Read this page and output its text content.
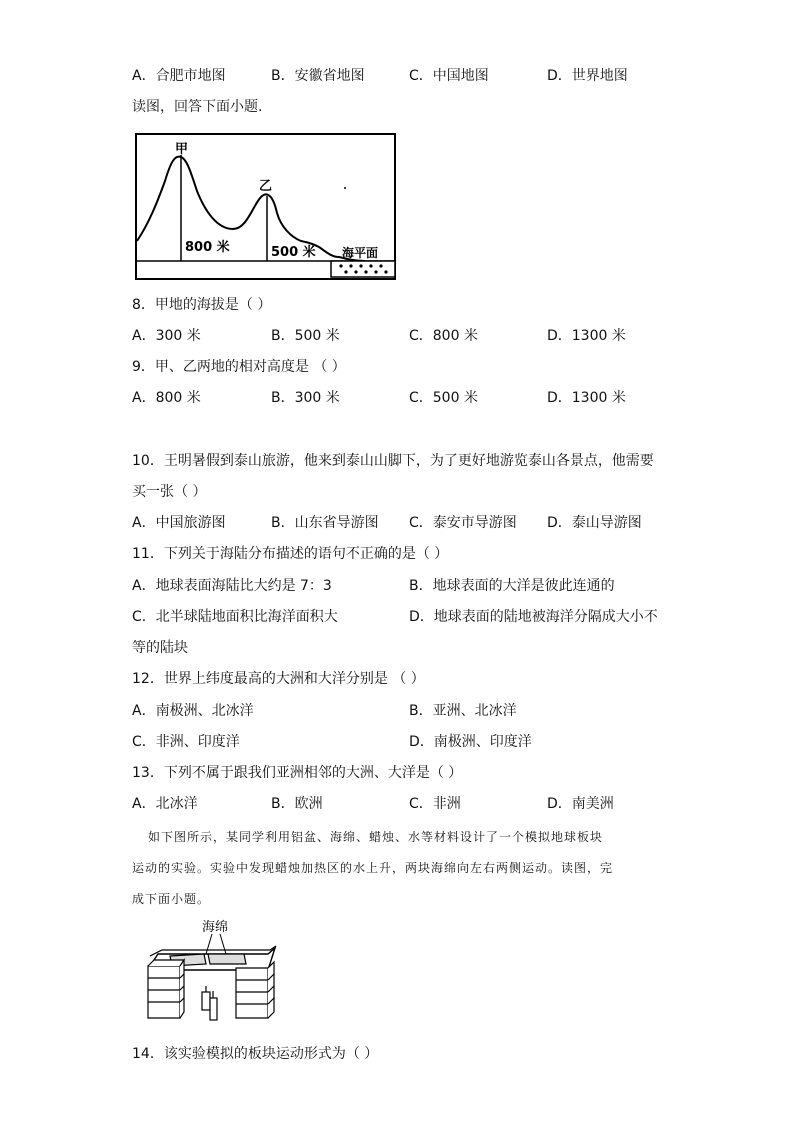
A．合肥市地图	B．安徽省地图	C．中国地图	D．世界地图
读图，回答下面小题.
甲
乙
800 米	500 米 海平面
8．甲地的海拔是（ ）
A．300 米	B．500 米	C．800 米	D．1300 米
9．甲、乙两地的相对高度是 （ ）
A．800 米	B．300 米	C．500 米	D．1300 米
10．王明暑假到泰山旅游，他来到泰山山脚下，为了更好地游览泰山各景点，他需要
买一张（ ）
A．中国旅游图	B．山东省导游图 C．泰安市导游图 D．泰山导游图
11．下列关于海陆分布描述的语句不正确的是（ ）
A．地球表面海陆比大约是 7：3	B．地球表面的大洋是彼此连通的
C．北半球陆地面积比海洋面积大	D．地球表面的陆地被海洋分隔成大小不
等的陆块
12．世界上纬度最高的大洲和大洋分别是 （ ）
A．南极洲、北冰洋	B．亚洲、北冰洋
C．非洲、印度洋	D．南极洲、印度洋
13．下列不属于跟我们亚洲相邻的大洲、大洋是（ ）
A．北冰洋	B．欧洲	C．非洲	D．南美洲
如下图所示，某同学利用铝盆、海绵、蜡烛、水等材料设计了一个模拟地球板块
运动的实验。实验中发现蜡烛加热区的水上升，两块海绵向左右两侧运动。读图，完
成下面小题。
海绵
14．该实验模拟的板块运动形式为（ ）
